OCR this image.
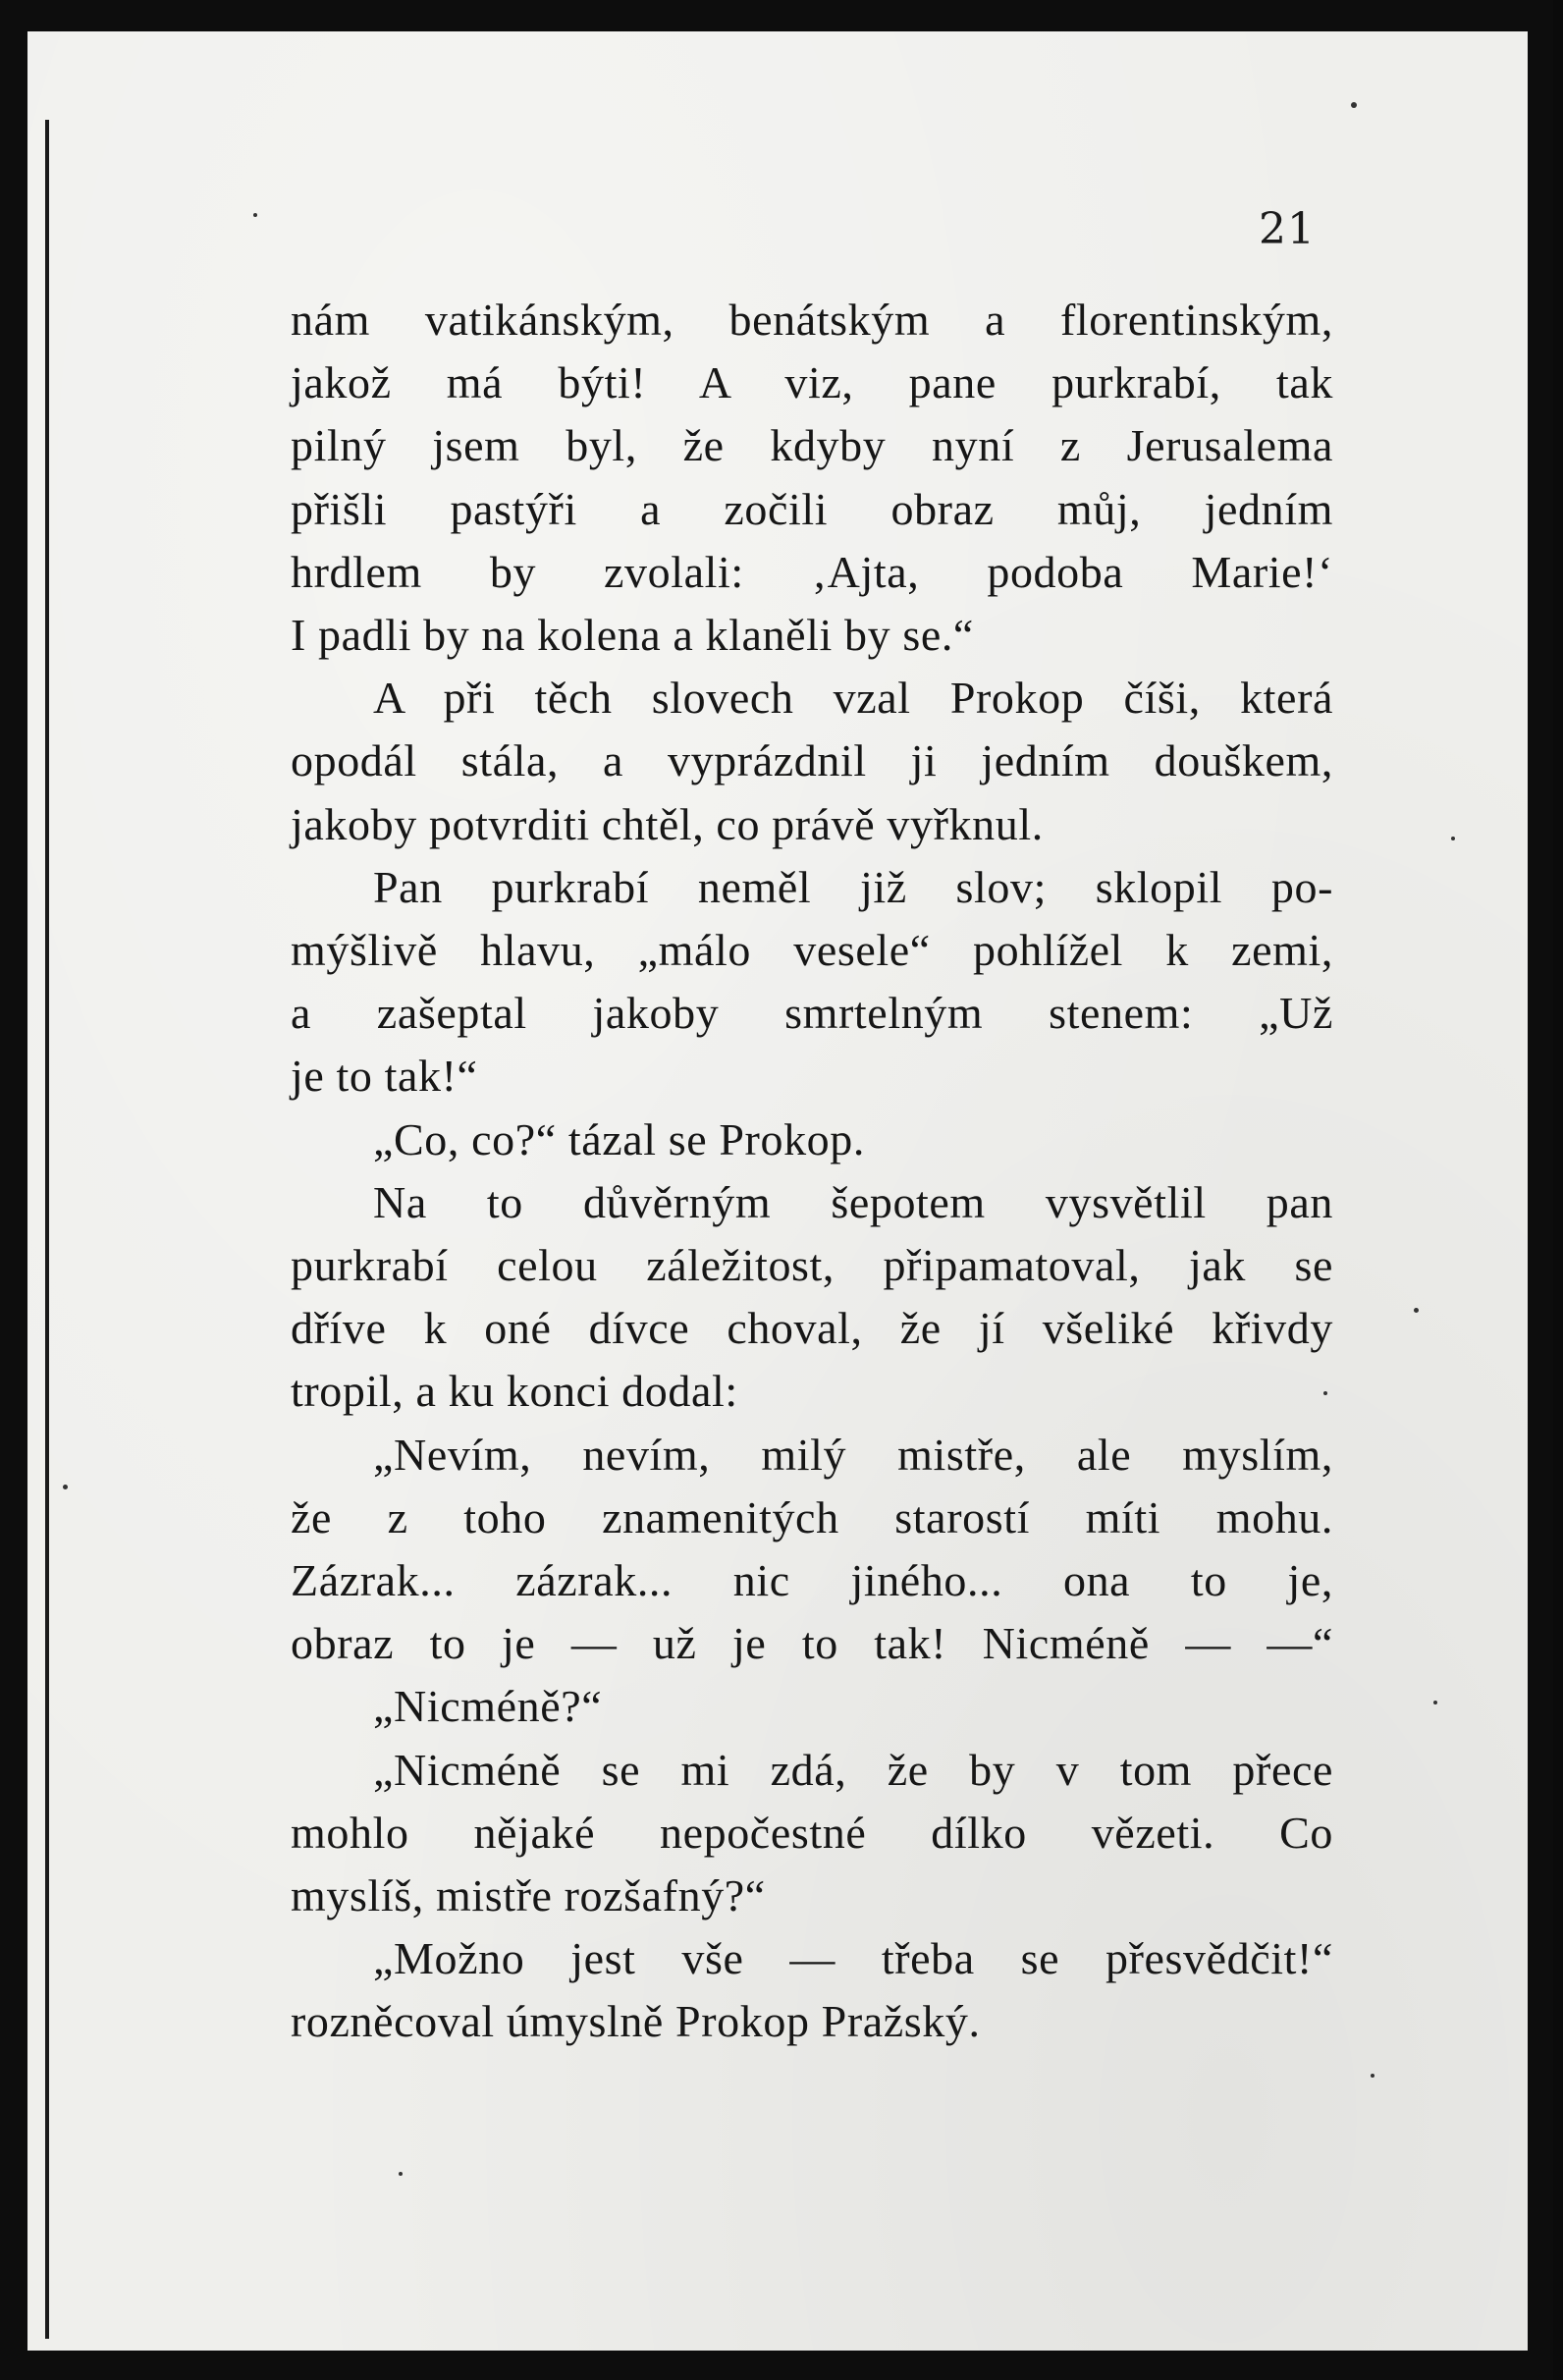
21
nám vatikánským, benátským a florentinským,
jakož má býti! A viz, pane purkrabí, tak
pilný jsem byl, že kdyby nyní z Jerusalema
přišli pastýři a zočili obraz můj, jedním
hrdlem by zvolali: ‚Ajta, podoba Marie!‘
I padli by na kolena a klaněli by se.“
A při těch slovech vzal Prokop číši, která
opodál stála, a vyprázdnil ji jedním douškem,
jakoby potvrditi chtěl, co právě vyřknul.
Pan purkrabí neměl již slov; sklopil po-
mýšlivě hlavu, „málo vesele“ pohlížel k zemi,
a zašeptal jakoby smrtelným stenem: „Už
je to tak!“
„Co, co?“ tázal se Prokop.
Na to důvěrným šepotem vysvětlil pan
purkrabí celou záležitost, připamatoval, jak se
dříve k oné dívce choval, že jí všeliké křivdy
tropil, a ku konci dodal:
„Nevím, nevím, milý mistře, ale myslím,
že z toho znamenitých starostí míti mohu.
Zázrak... zázrak... nic jiného... ona to je,
obraz to je — už je to tak! Nicméně — —“
„Nicméně?“
„Nicméně se mi zdá, že by v tom přece
mohlo nějaké nepočestné dílko vězeti. Co
myslíš, mistře rozšafný?“
„Možno jest vše — třeba se přesvědčit!“
rozněcoval úmyslně Prokop Pražský.
